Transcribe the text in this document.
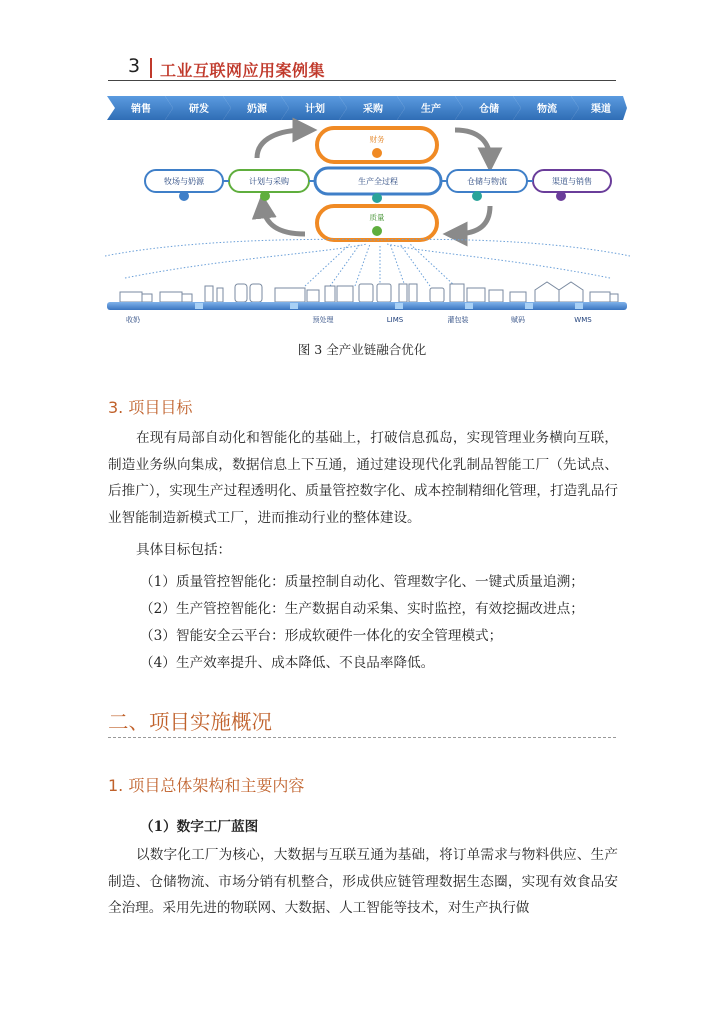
3 工业互联网应用案例集
销售	研发	奶源	计划	采购	生产	仓储	物流	渠道
财务
牧场与奶源	计划与采购	生产全过程	仓储与物流	渠道与销售
质量
收奶	预处理	LIMS	灌包装	赋码	WMS
图 3 全产业链融合优化
3. 项目目标
在现有局部自动化和智能化的基础上，打破信息孤岛，实现管理业务横向互联，制造业务纵向集成，数据信息上下互通，通过建设现代化乳制品智能工厂（先试点、后推广），实现生产过程透明化、质量管控数字化、成本控制精细化管理，打造乳品行业智能制造新模式工厂，进而推动行业的整体建设。
具体目标包括：
（1）质量管控智能化：质量控制自动化、管理数字化、一键式质量追溯；
（2）生产管控智能化：生产数据自动采集、实时监控，有效挖掘改进点；
（3）智能安全云平台：形成软硬件一体化的安全管理模式；
（4）生产效率提升、成本降低、不良品率降低。
二、项目实施概况
1. 项目总体架构和主要内容
（1）数字工厂蓝图
以数字化工厂为核心，大数据与互联互通为基础，将订单需求与物料供应、生产制造、仓储物流、市场分销有机整合，形成供应链管理数据生态圈，实现有效食品安全治理。采用先进的物联网、大数据、人工智能等技术，对生产执行做
